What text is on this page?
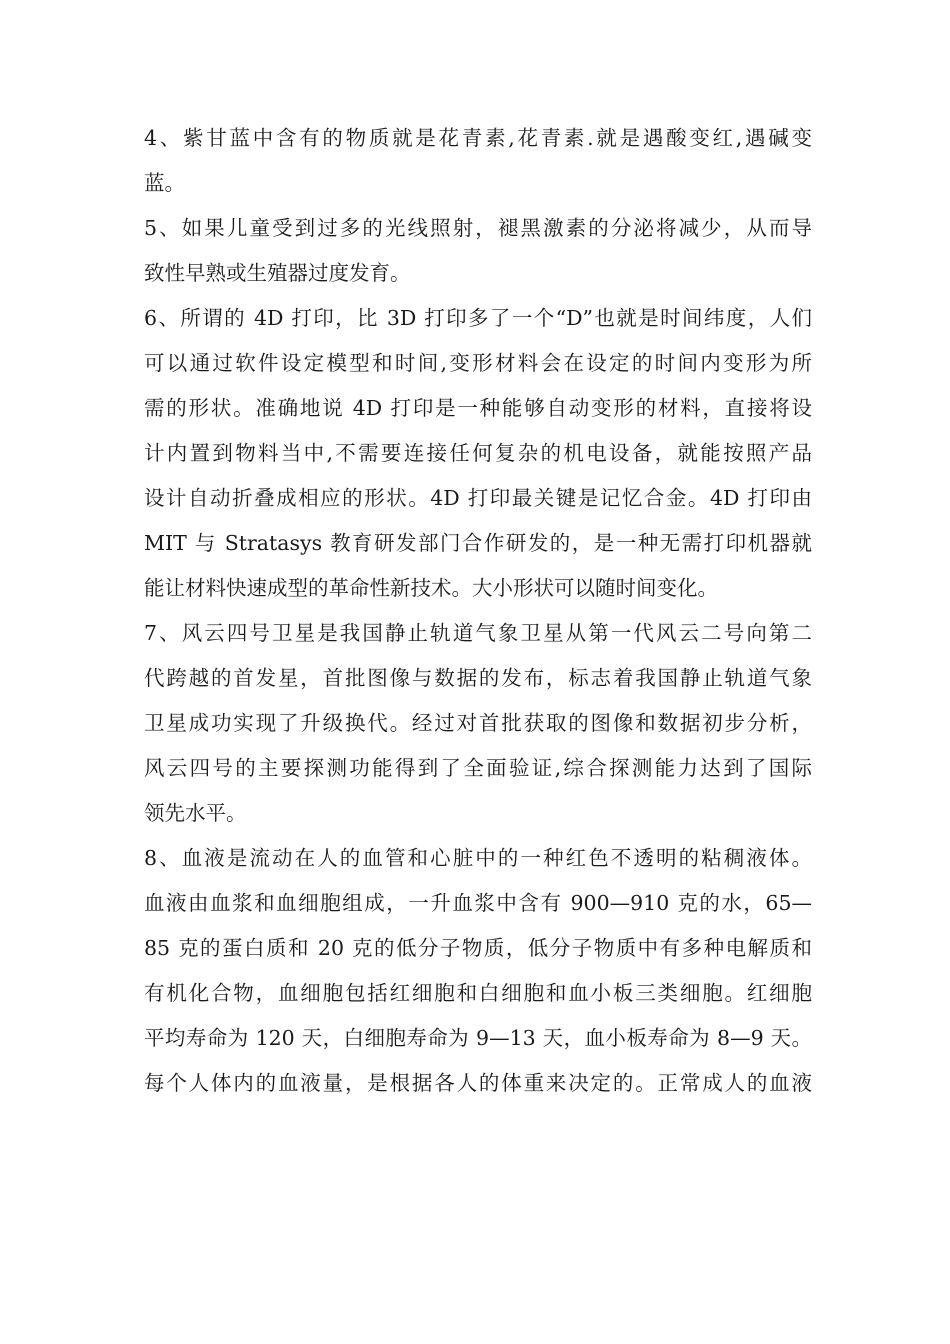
4、紫甘蓝中含有的物质就是花青素,花青素.就是遇酸变红,遇碱变
蓝。
5、如果儿童受到过多的光线照射，褪黑激素的分泌将减少，从而导
致性早熟或生殖器过度发育。
6、所谓的 4D 打印，比 3D 打印多了一个“D”也就是时间纬度，人们
可以通过软件设定模型和时间,变形材料会在设定的时间内变形为所
需的形状。准确地说 4D 打印是一种能够自动变形的材料，直接将设
计内置到物料当中,不需要连接任何复杂的机电设备，就能按照产品
设计自动折叠成相应的形状。4D 打印最关键是记忆合金。4D 打印由
MIT 与 Stratasys 教育研发部门合作研发的，是一种无需打印机器就
能让材料快速成型的革命性新技术。大小形状可以随时间变化。
7、风云四号卫星是我国静止轨道气象卫星从第一代风云二号向第二
代跨越的首发星，首批图像与数据的发布，标志着我国静止轨道气象
卫星成功实现了升级换代。经过对首批获取的图像和数据初步分析，
风云四号的主要探测功能得到了全面验证,综合探测能力达到了国际
领先水平。
8、血液是流动在人的血管和心脏中的一种红色不透明的粘稠液体。
血液由血浆和血细胞组成，一升血浆中含有 900—910 克的水，65—
85 克的蛋白质和 20 克的低分子物质，低分子物质中有多种电解质和
有机化合物，血细胞包括红细胞和白细胞和血小板三类细胞。红细胞
平均寿命为 120 天，白细胞寿命为 9—13 天，血小板寿命为 8—9 天。
每个人体内的血液量，是根据各人的体重来决定的。正常成人的血液
